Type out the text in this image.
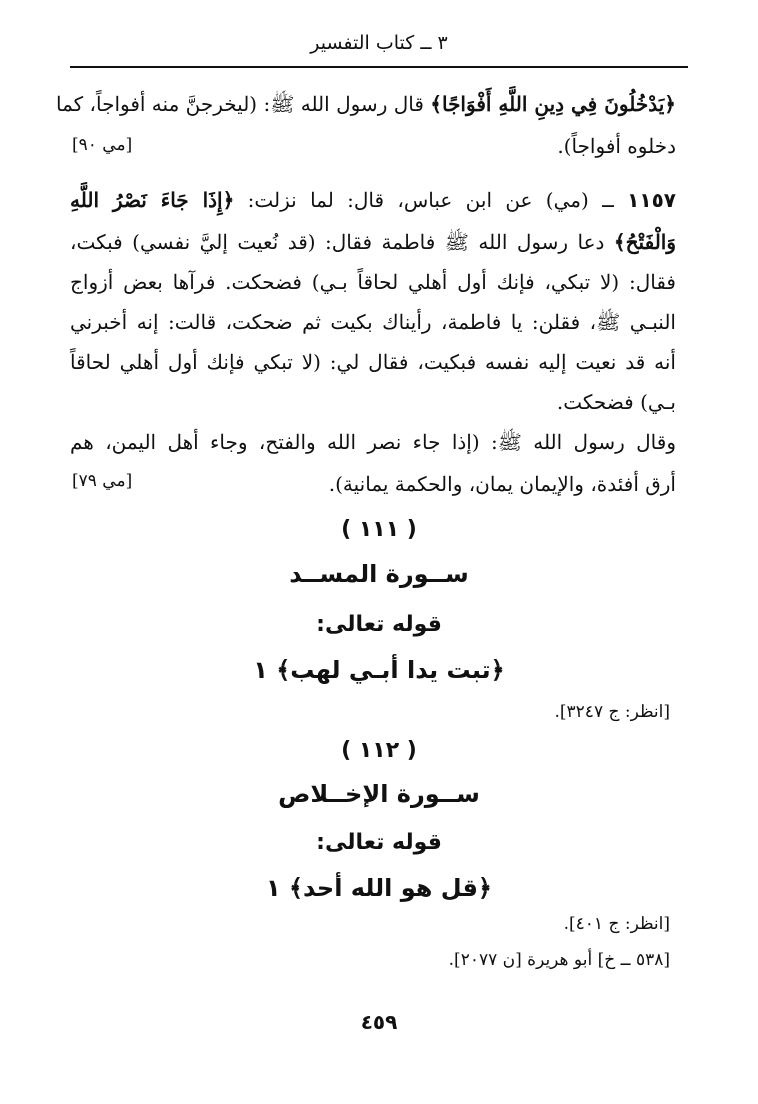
٣ ــ كتاب التفسير
﴿يَدْخُلُونَ فِي دِينِ اللَّهِ أَفْوَاجًا﴾ قال رسول الله ﷺ: (ليخرجنَّ منه أفواجاً، كما
دخلوه أفواجاً).
[مي ٩٠]
١١٥٧ ــ (مي) عن ابن عباس، قال: لما نزلت: ﴿إِذَا جَاءَ نَصْرُ اللَّهِ
وَالْفَتْحُ﴾ دعا رسول الله ﷺ فاطمة فقال: (قد نُعيت إليَّ نفسي) فبكت،
فقال: (لا تبكي، فإنك أول أهلي لحاقاً بـي) فضحكت. فرآها بعض أزواج
النبـي ﷺ، فقلن: يا فاطمة، رأيناك بكيت ثم ضحكت، قالت: إنه أخبرني
أنه قد نعيت إليه نفسه فبكيت، فقال لي: (لا تبكي فإنك أول أهلي لحاقاً
بـي) فضحكت.
وقال رسول الله ﷺ: (إذا جاء نصر الله والفتح، وجاء أهل اليمن، هم
أرق أفئدة، والإيمان يمان، والحكمة يمانية).
[مي ٧٩]
( ١١١ )
ســورة المســد
قوله تعالى:
﴿تبت يدا أبـي لهب﴾ ١
[انظر: ج ٣٢٤٧].
( ١١٢ )
ســورة الإخــلاص
قوله تعالى:
﴿قل هو الله أحد﴾ ١
[انظر: ج ٤٠١].
[٥٣٨ ــ خ] أبو هريرة [ن ٢٠٧٧].
٤٥٩
